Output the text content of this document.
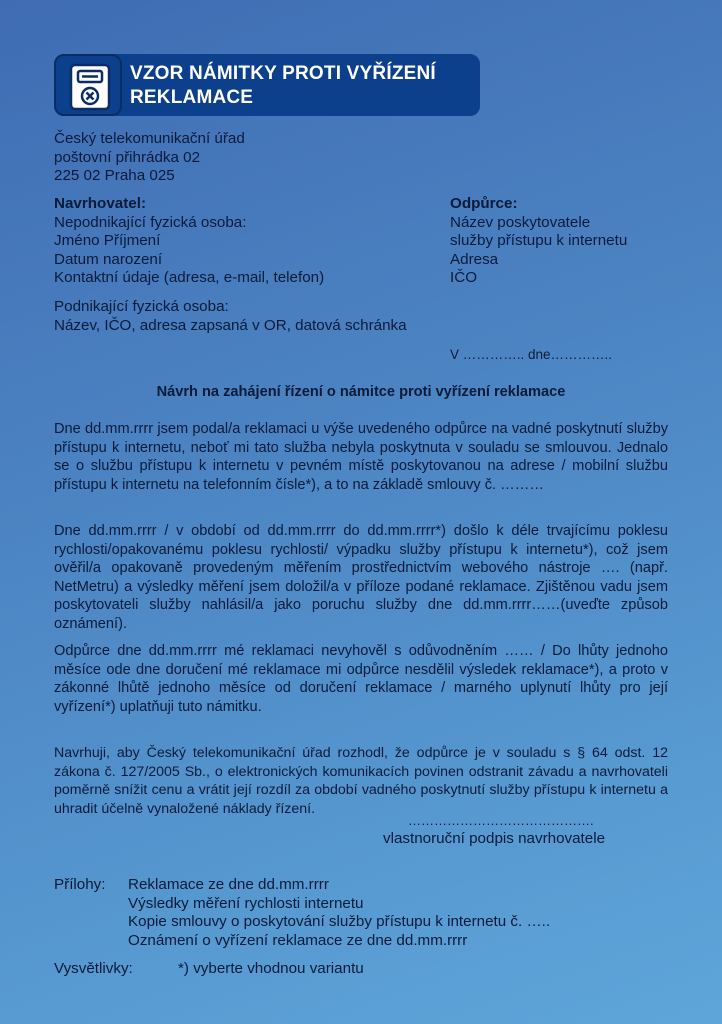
VZOR NÁMITKY PROTI VYŘÍZENÍ
REKLAMACE
Český telekomunikační úřad
poštovní přihrádka 02
225 02 Praha 025
Navrhovatel:
Nepodnikající fyzická osoba:
Jméno Příjmení
Datum narození
Kontaktní údaje (adresa, e-mail, telefon)
Podnikající fyzická osoba:
Název, IČO, adresa zapsaná v OR, datová schránka
Odpůrce:
Název poskytovatele
služby přístupu k internetu
Adresa
IČO
V ………….. dne…………..
Návrh na zahájení řízení o námitce proti vyřízení reklamace
Dne dd.mm.rrrr jsem podal/a reklamaci u výše uvedeného odpůrce na vadné poskytnutí služby přístupu k internetu, neboť mi tato služba nebyla poskytnuta v souladu se smlouvou. Jednalo se o službu přístupu k internetu v pevném místě poskytovanou na adrese / mobilní službu přístupu k internetu na telefonním čísle*), a to na základě smlouvy č. ………
Dne dd.mm.rrrr / v období od dd.mm.rrrr do dd.mm.rrrr*) došlo k déle trvajícímu poklesu rychlosti/opakovanému poklesu rychlosti/ výpadku služby přístupu k internetu*), což jsem ověřil/a opakovaně provedeným měřením prostřednictvím webového nástroje …. (např. NetMetru) a výsledky měření jsem doložil/a v příloze podané reklamace. Zjištěnou vadu jsem poskytovateli služby nahlásil/a jako poruchu služby dne dd.mm.rrrr……(uveďte způsob oznámení).
Odpůrce dne dd.mm.rrrr mé reklamaci nevyhověl s odůvodněním …… / Do lhůty jednoho měsíce ode dne doručení mé reklamace mi odpůrce nesdělil výsledek reklamace*), a proto v zákonné lhůtě jednoho měsíce od doručení reklamace / marného uplynutí lhůty pro její vyřízení*) uplatňuji tuto námitku.
Navrhuji, aby Český telekomunikační úřad rozhodl, že odpůrce je v souladu s § 64 odst. 12 zákona č. 127/2005 Sb., o elektronických komunikacích povinen odstranit závadu a navrhovateli poměrně snížit cenu a vrátit její rozdíl za období vadného poskytnutí služby přístupu k internetu a uhradit účelně vynaložené náklady řízení.
…………………………………….
vlastnoruční podpis navrhovatele
Přílohy: Reklamace ze dne dd.mm.rrrr
Výsledky měření rychlosti internetu
Kopie smlouvy o poskytování služby přístupu k internetu č. …..
Oznámení o vyřízení reklamace ze dne dd.mm.rrrr
Vysvětlivky:	*) vyberte vhodnou variantu
